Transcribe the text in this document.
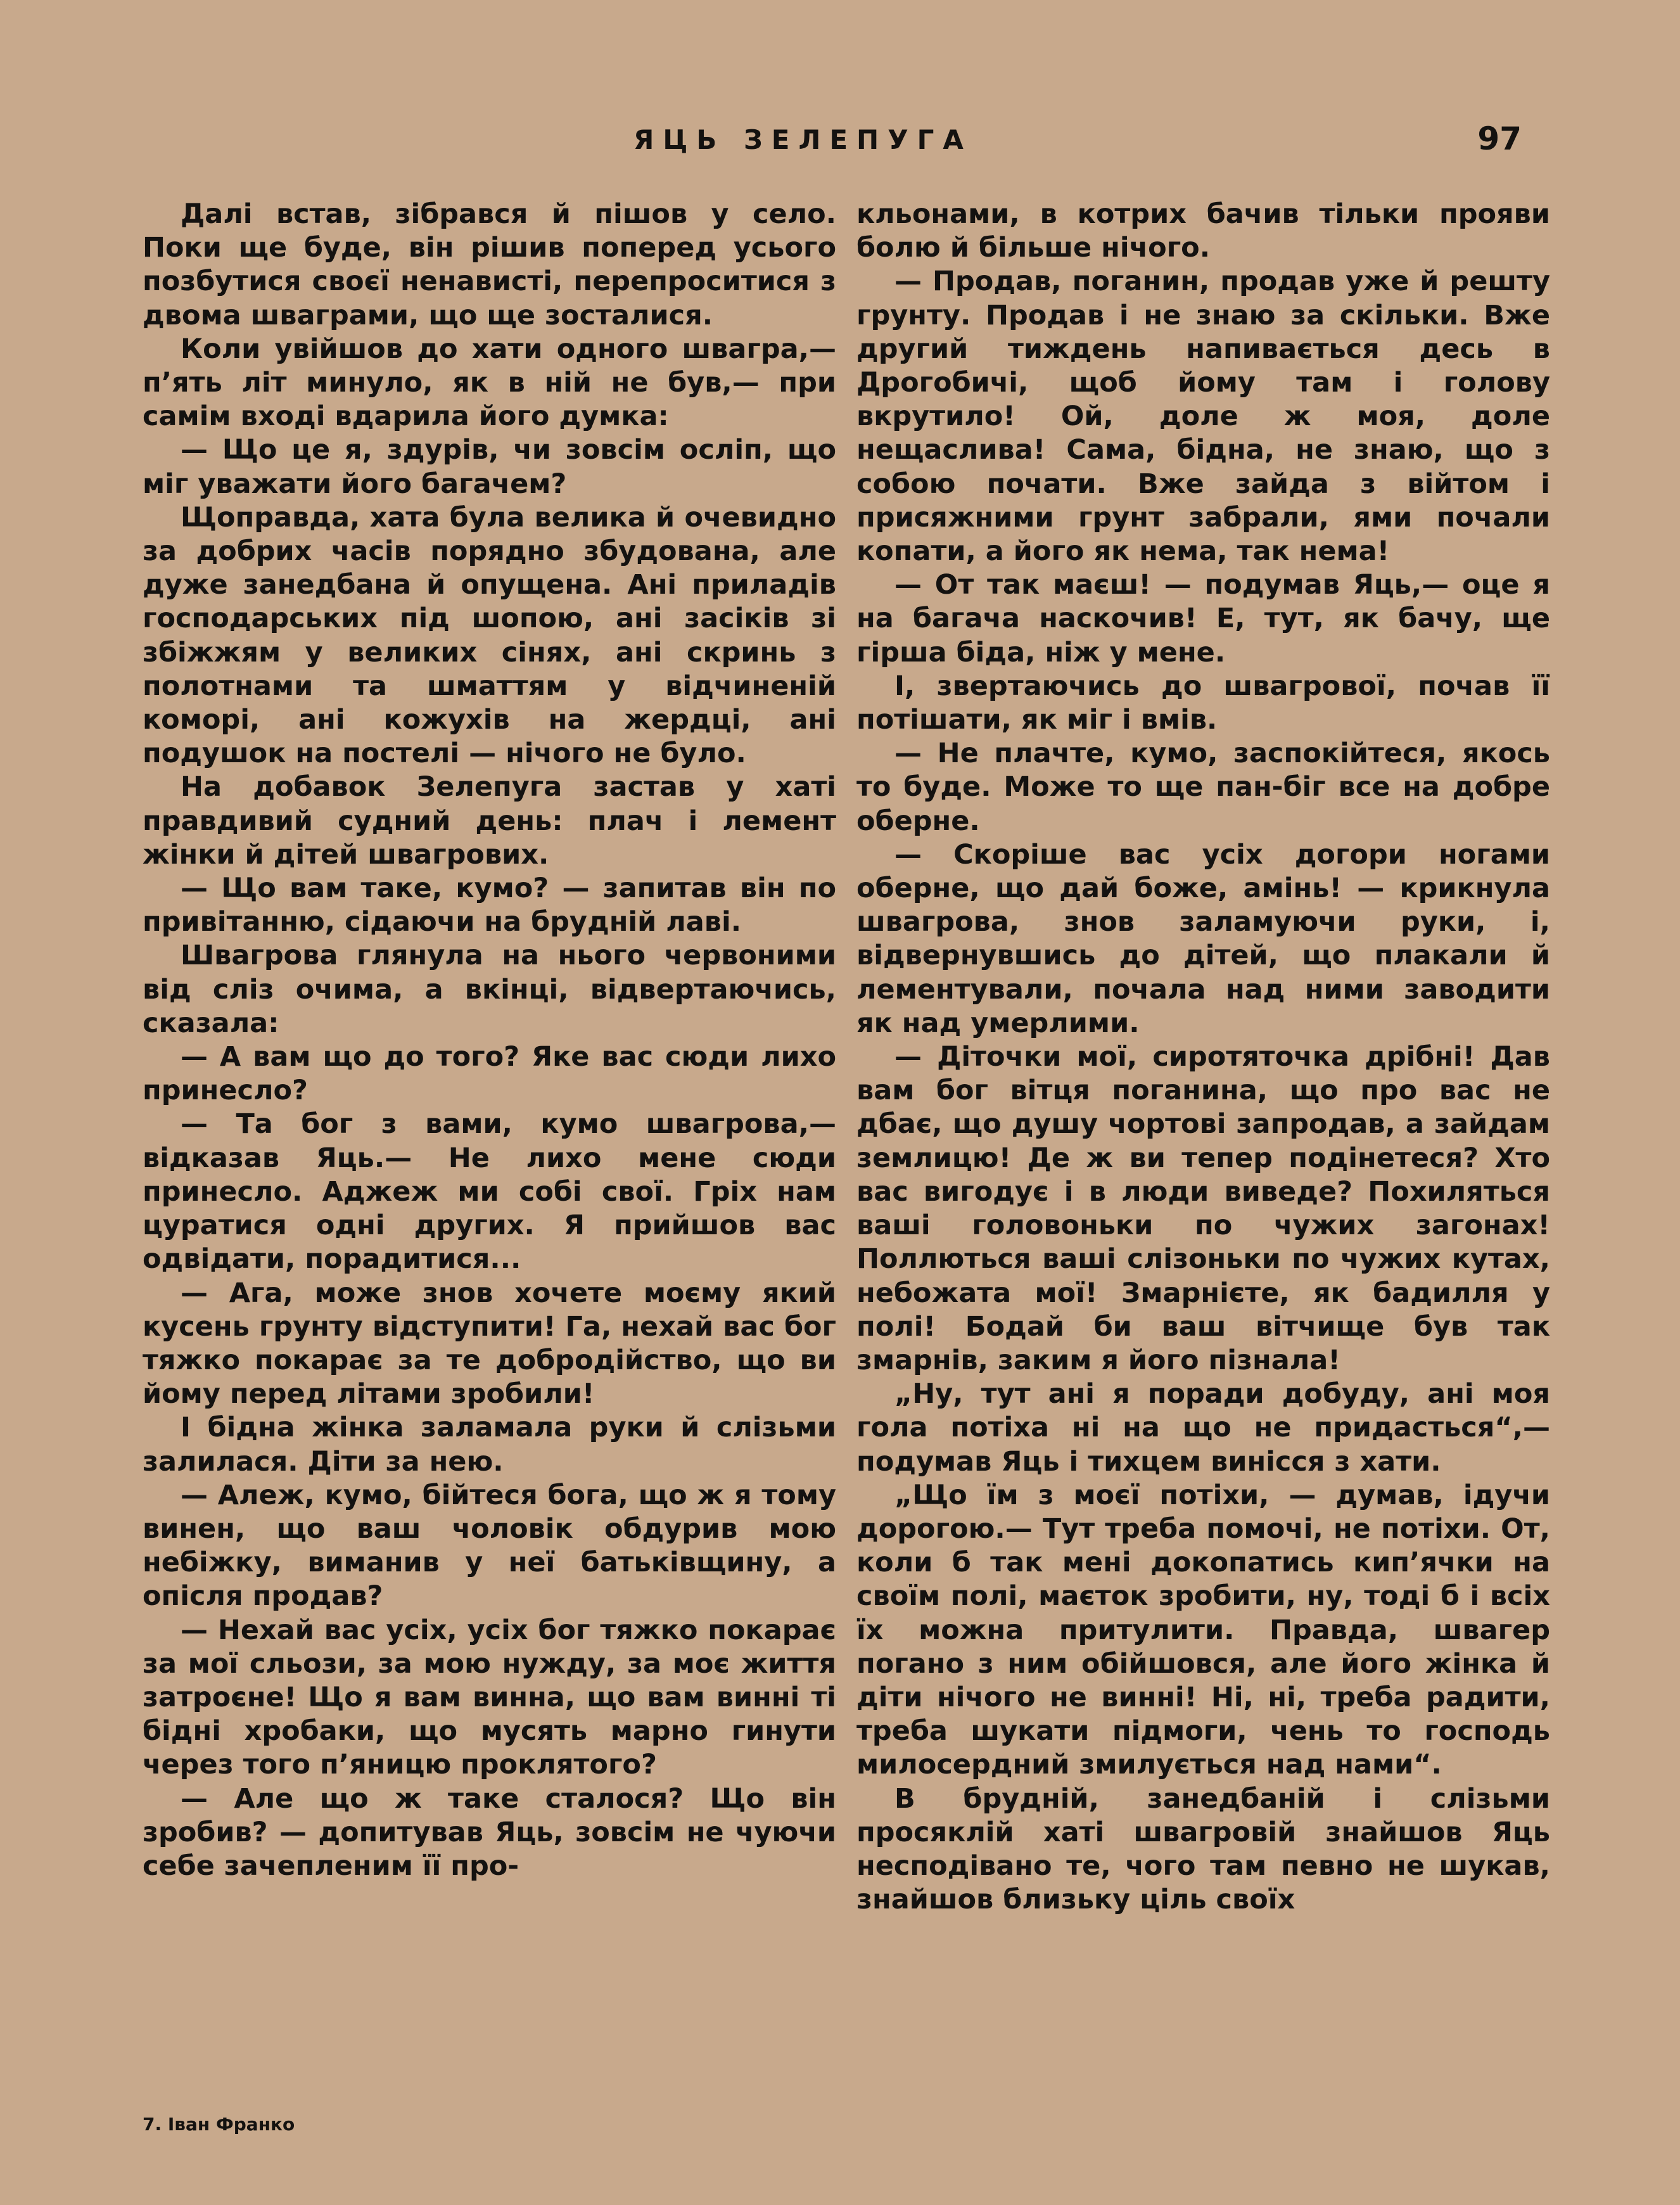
ЯЦЬ ЗЕЛЕПУГА	97

Далі встав, зібрався й пішов у село. Поки ще буде, він рішив поперед усього позбутися своєї ненависті, перепроситися з двома шваграми, що ще зосталися.

Коли увійшов до хати одного швагра,— п’ять літ минуло, як в ній не був,— при самім вході вдарила його думка:

— Що це я, здурів, чи зовсім осліп, що міг уважати його багачем?

Щоправда, хата була велика й очевидно за добрих часів порядно збудована, але дуже занедбана й опущена. Ані приладів господарських під шопою, ані засіків зі збіжжям у великих сінях, ані скринь з полотнами та шматтям у відчиненій коморі, ані кожухів на жердці, ані подушок на постелі — нічого не було.

На добавок Зелепуга застав у хаті правдивий судний день: плач і лемент жінки й дітей швагрових.

— Що вам таке, кумо? — запитав він по привітанню, сідаючи на брудній лаві.

Швагрова глянула на нього червоними від сліз очима, а вкінці, відвертаючись, сказала:

— А вам що до того? Яке вас сюди лихо принесло?

— Та бог з вами, кумо швагрова,— відказав Яць.— Не лихо мене сюди принесло. Аджеж ми собі свої. Гріх нам цуратися одні других. Я прийшов вас одвідати, порадитися...

— Ага, може знов хочете моєму який кусень грунту відступити! Га, нехай вас бог тяжко покарає за те добродійство, що ви йому перед літами зробили!

І бідна жінка заламала руки й слізьми залилася. Діти за нею.

— Алеж, кумо, бійтеся бога, що ж я тому винен, що ваш чоловік обдурив мою небіжку, виманив у неї батьківщину, а опісля продав?

— Нехай вас усіх, усіх бог тяжко покарає за мої сльози, за мою нужду, за моє життя затроєне! Що я вам винна, що вам винні ті бідні хробаки, що мусять марно гинути через того п’яницю проклятого?

— Але що ж таке сталося? Що він зробив? — допитував Яць, зовсім не чуючи себе зачепленим її про-

кльонами, в котрих бачив тільки прояви болю й більше нічого.

— Продав, поганин, продав уже й решту грунту. Продав і не знаю за скільки. Вже другий тиждень напивається десь в Дрогобичі, щоб йому там і голову вкрутило! Ой, доле ж моя, доле нещаслива! Сама, бідна, не знаю, що з собою почати. Вже зайда з війтом і присяжними грунт забрали, ями почали копати, а його як нема, так нема!

— От так маєш! — подумав Яць,— оце я на багача наскочив! Е, тут, як бачу, ще гірша біда, ніж у мене.

І, звертаючись до швагрової, почав її потішати, як міг і вмів.

— Не плачте, кумо, заспокійтеся, якось то буде. Може то ще пан-біг все на добре оберне.

— Скоріше вас усіх догори ногами оберне, що дай боже, амінь! — крикнула швагрова, знов заламуючи руки, і, відвернувшись до дітей, що плакали й лементували, почала над ними заводити як над умерлими.

— Діточки мої, сиротяточка дрібні! Дав вам бог вітця поганина, що про вас не дбає, що душу чортові запродав, а зайдам землицю! Де ж ви тепер подінетеся? Хто вас вигодує і в люди виведе? Похиляться ваші головоньки по чужих загонах! Поллються ваші слізоньки по чужих кутах, небожата мої! Змарнієте, як бадилля у полі! Бодай би ваш вітчище був так змарнів, заким я його пізнала!

„Ну, тут ані я поради добуду, ані моя гола потіха ні на що не придасться“,— подумав Яць і тихцем винісся з хати.

„Що їм з моєї потіхи, — думав, ідучи дорогою.— Тут треба помочі, не потіхи. От, коли б так мені докопатись кип’ячки на своїм полі, маєток зробити, ну, тоді б і всіх їх можна притулити. Правда, швагер погано з ним обійшовся, але його жінка й діти нічого не винні! Ні, ні, треба радити, треба шукати підмоги, чень то господь милосердний змилується над нами“.

В брудній, занедбаній і слізьми просяклій хаті швагровій знайшов Яць несподівано те, чого там певно не шукав, знайшов близьку ціль своїх

7. Іван Франко
